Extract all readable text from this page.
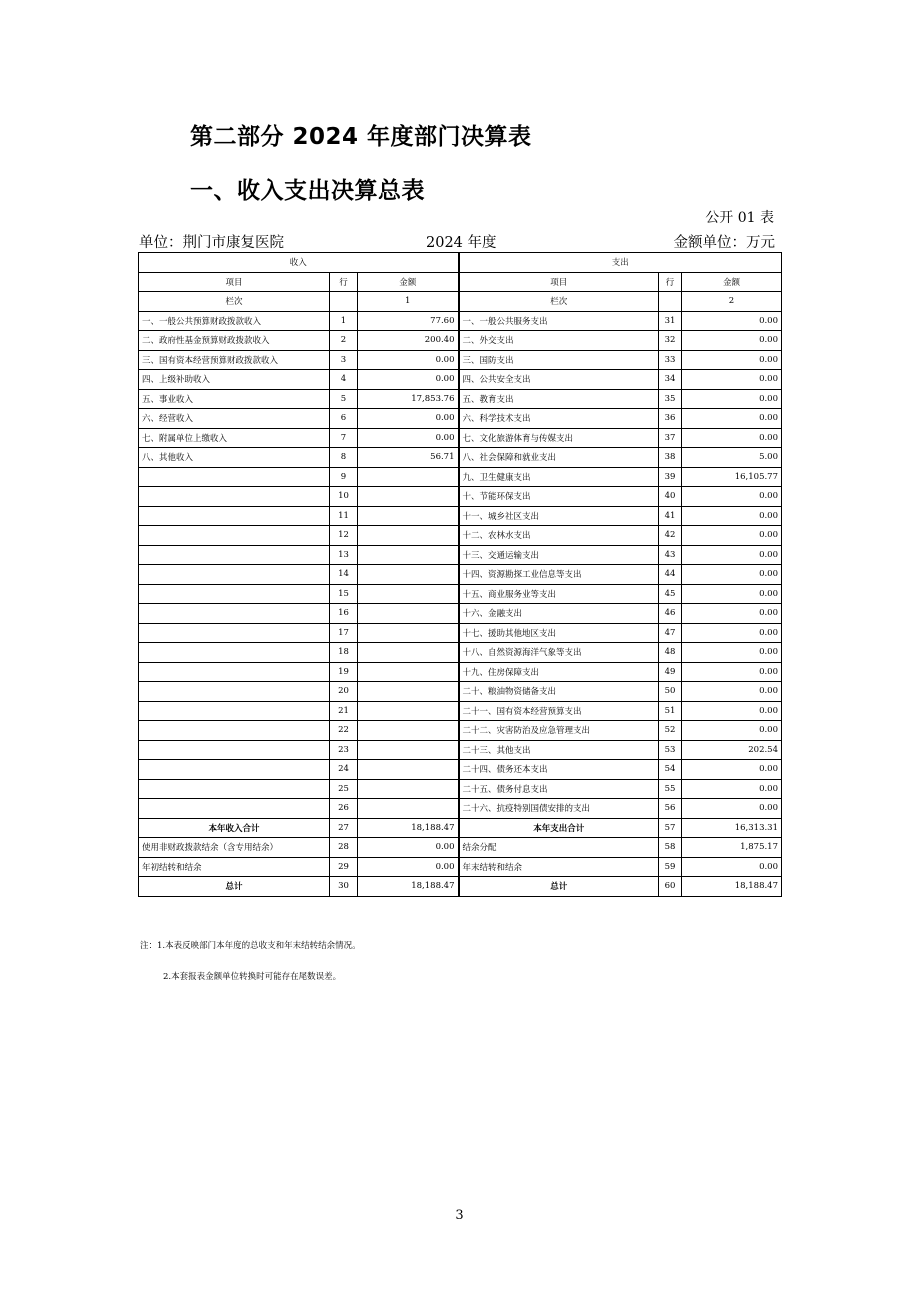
第二部分 2024 年度部门决算表
一、收入支出决算总表
公开 01 表
单位：荆门市康复医院	2024 年度	金额单位：万元
收入			支出		
项目	行	金额	项目	行	金额
栏次		1	栏次		2
一、一般公共预算财政拨款收入	1	77.60	一、一般公共服务支出	31	0.00
二、政府性基金预算财政拨款收入	2	200.40	二、外交支出	32	0.00
三、国有资本经营预算财政拨款收入	3	0.00	三、国防支出	33	0.00
四、上级补助收入	4	0.00	四、公共安全支出	34	0.00
五、事业收入	5	17,853.76	五、教育支出	35	0.00
六、经营收入	6	0.00	六、科学技术支出	36	0.00
七、附属单位上缴收入	7	0.00	七、文化旅游体育与传媒支出	37	0.00
八、其他收入	8	56.71	八、社会保障和就业支出	38	5.00
	9		九、卫生健康支出	39	16,105.77
	10		十、节能环保支出	40	0.00
	11		十一、城乡社区支出	41	0.00
	12		十二、农林水支出	42	0.00
	13		十三、交通运输支出	43	0.00
	14		十四、资源勘探工业信息等支出	44	0.00
	15		十五、商业服务业等支出	45	0.00
	16		十六、金融支出	46	0.00
	17		十七、援助其他地区支出	47	0.00
	18		十八、自然资源海洋气象等支出	48	0.00
	19		十九、住房保障支出	49	0.00
	20		二十、粮油物资储备支出	50	0.00
	21		二十一、国有资本经营预算支出	51	0.00
	22		二十二、灾害防治及应急管理支出	52	0.00
	23		二十三、其他支出	53	202.54
	24		二十四、债务还本支出	54	0.00
	25		二十五、债务付息支出	55	0.00
	26		二十六、抗疫特别国债安排的支出	56	0.00
本年收入合计	27	18,188.47	本年支出合计	57	16,313.31
使用非财政拨款结余（含专用结余）	28	0.00	结余分配	58	1,875.17
年初结转和结余	29	0.00	年末结转和结余	59	0.00
总计	30	18,188.47	总计	60	18,188.47
注：1.本表反映部门本年度的总收支和年末结转结余情况。
2.本套报表金额单位转换时可能存在尾数误差。
3
